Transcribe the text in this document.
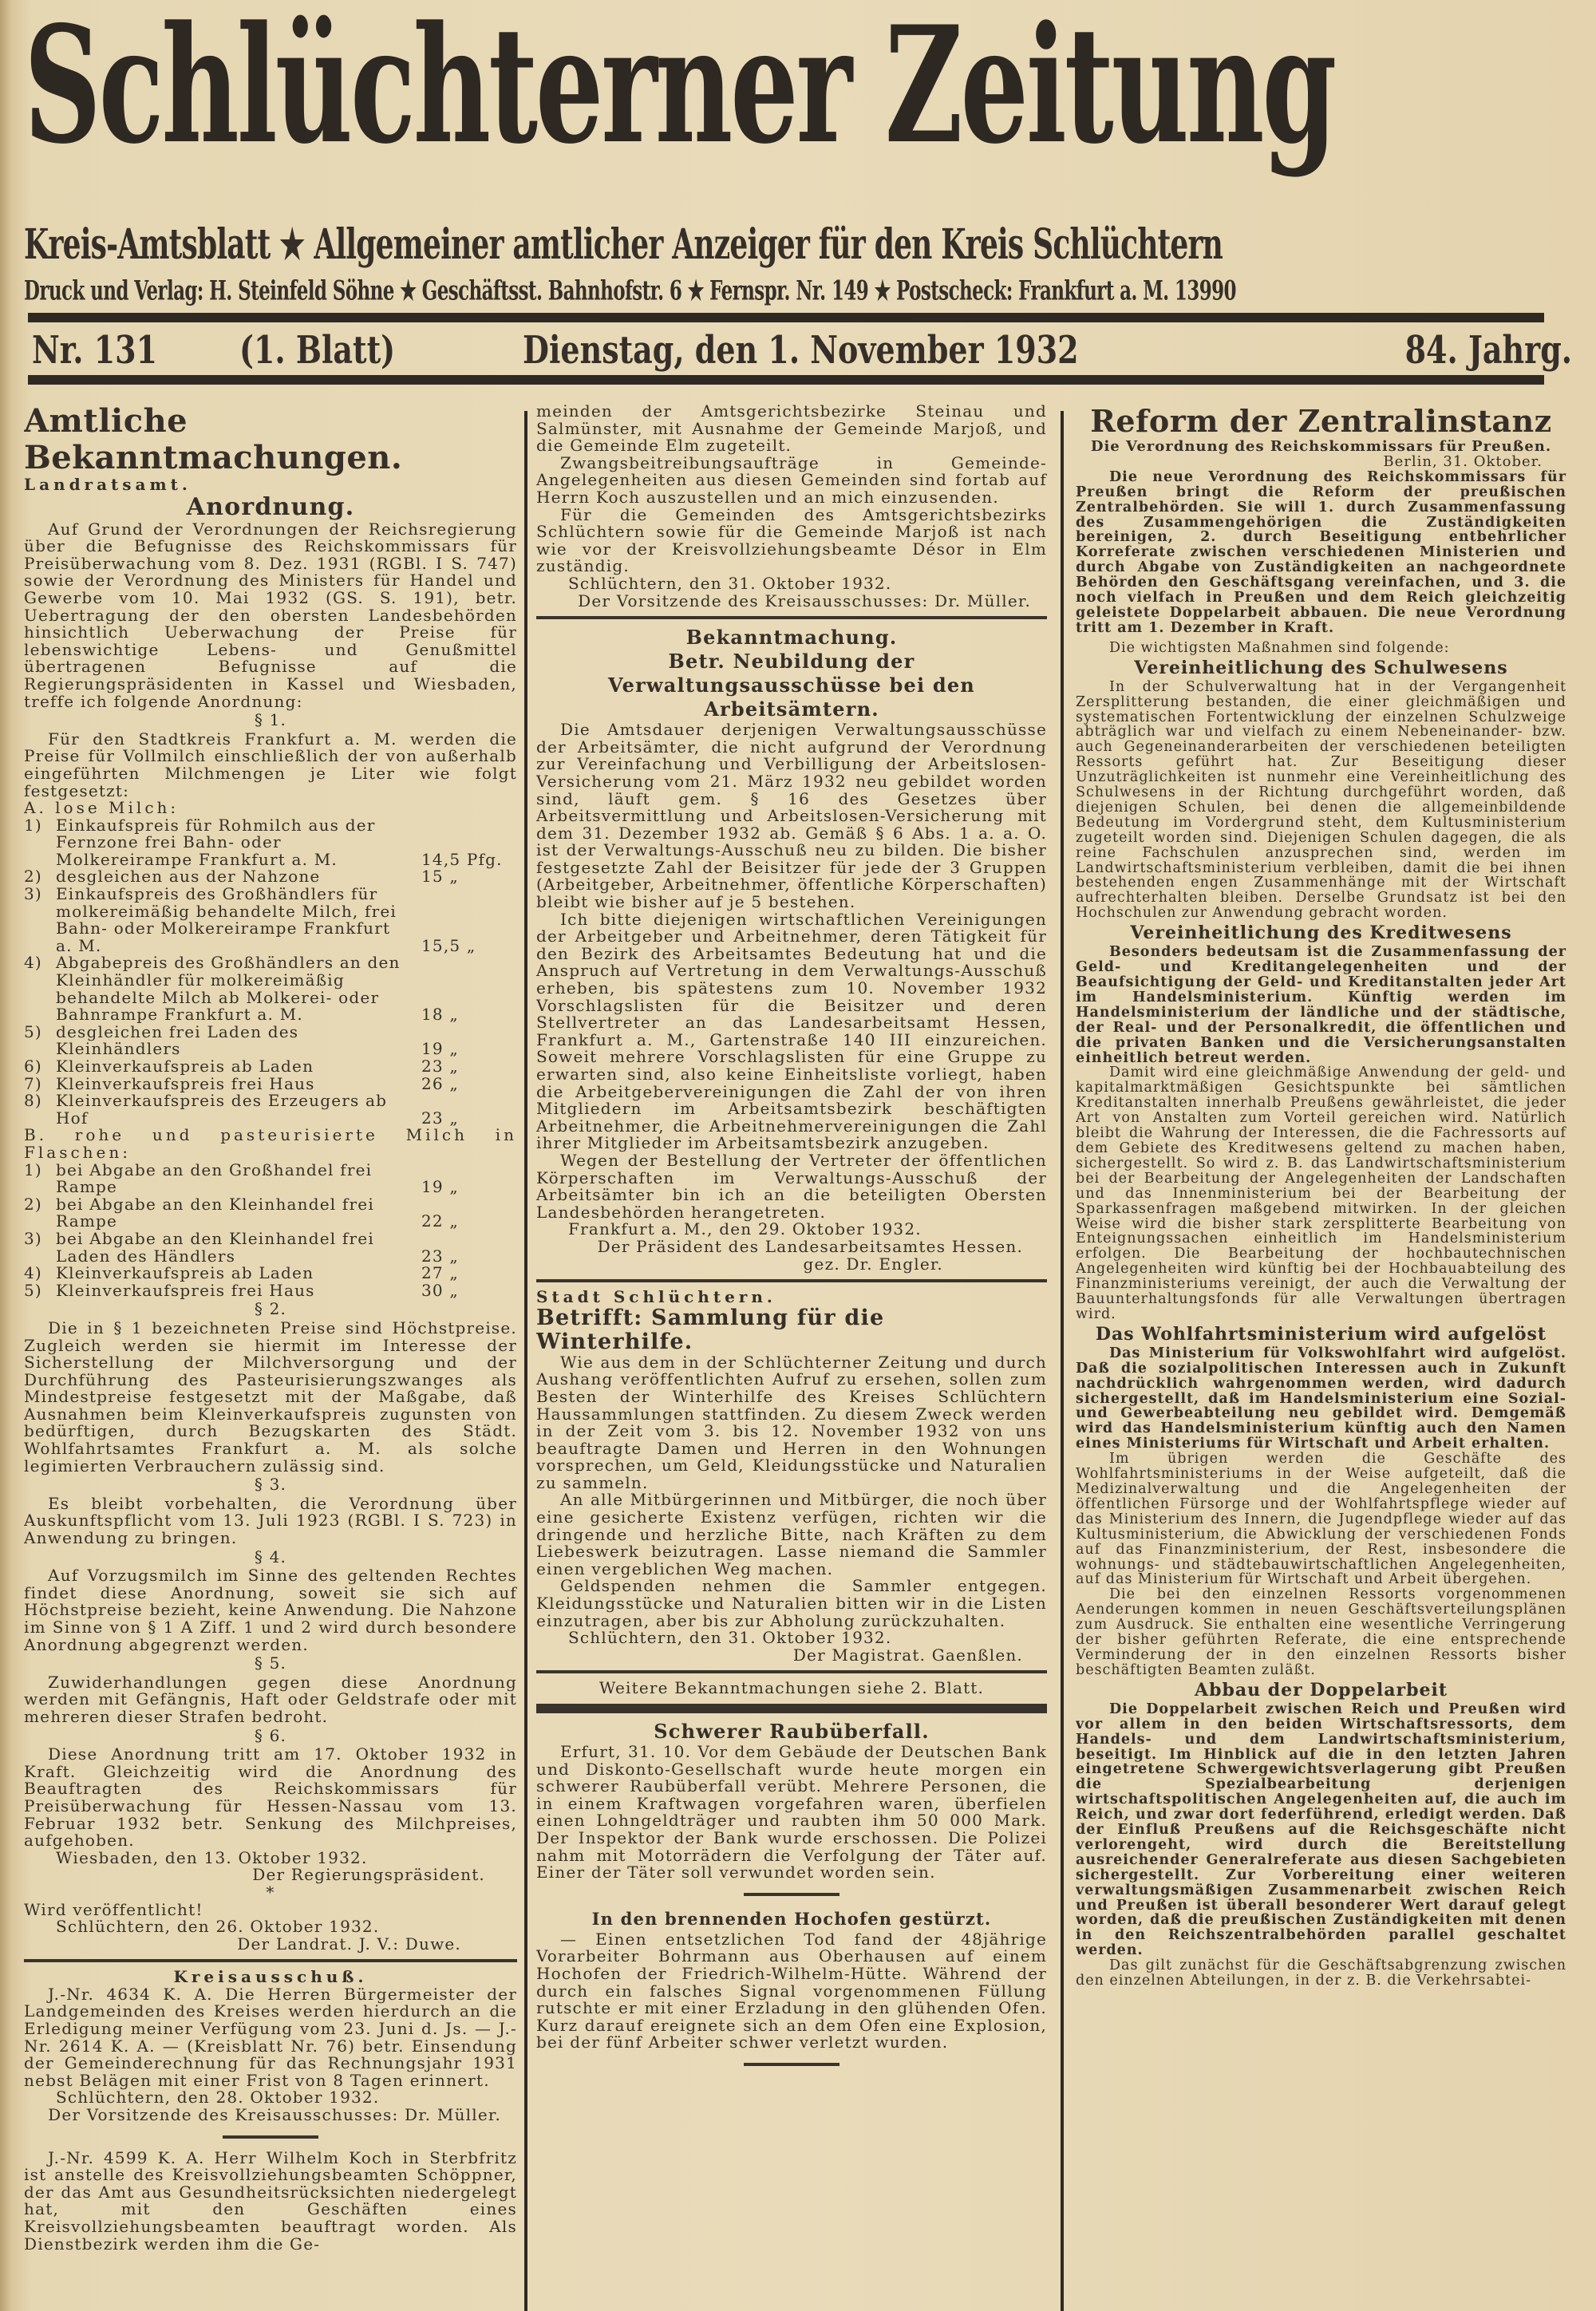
Schlüchterner Zeitung
Kreis-Amtsblatt ★ Allgemeiner amtlicher Anzeiger für den Kreis Schlüchtern
Druck und Verlag: H. Steinfeld Söhne ★ Geschäftsst. Bahnhofstr. 6 ★ Fernspr. Nr. 149 ★ Postscheck: Frankfurt a. M. 13990
Nr. 131	(1. Blatt)	Dienstag, den 1. November 1932	84. Jahrg.
Amtliche Bekanntmachungen.
Landratsamt.
Anordnung.

Auf Grund der Verordnungen der Reichsregierung über die Befugnisse des Reichskommissars für Preisüberwachung vom 8. Dez. 1931 (RGBl. I S. 747) sowie der Verordnung des Ministers für Handel und Gewerbe vom 10. Mai 1932 (GS. S. 191), betr. Uebertragung der den obersten Landesbehörden hinsichtlich Ueberwachung der Preise für lebenswichtige Lebens- und Genußmittel übertragenen Befugnisse auf die Regierungspräsidenten in Kassel und Wiesbaden, treffe ich folgende Anordnung:

§ 1.

Für den Stadtkreis Frankfurt a. M. werden die Preise für Vollmilch einschließlich der von außerhalb eingeführten Milchmengen je Liter wie folgt festgesetzt:

A. lose Milch:
1) Einkaufspreis für Rohmilch aus der Fernzone frei Bahn- oder Molkereirampe Frankfurt a. M.	14,5 Pfg.
2) desgleichen aus der Nahzone	15 „
3) Einkaufspreis des Großhändlers für molkereimäßig behandelte Milch, frei Bahn- oder Molkereirampe Frankfurt a. M.	15,5 „
4) Abgabepreis des Großhändlers an den Kleinhändler für molkereimäßig behandelte Milch ab Molkerei- oder Bahnrampe Frankfurt a. M.	18 „
5) desgleichen frei Laden des Kleinhändlers	19 „
6) Kleinverkaufspreis ab Laden	23 „
7) Kleinverkaufspreis frei Haus	26 „
8) Kleinverkaufspreis des Erzeugers ab Hof	23 „
B. rohe und pasteurisierte Milch in Flaschen:
1) bei Abgabe an den Großhandel frei Rampe	19 „
2) bei Abgabe an den Kleinhandel frei Rampe	22 „
3) bei Abgabe an den Kleinhandel frei Laden des Händlers	23 „
4) Kleinverkaufspreis ab Laden	27 „
5) Kleinverkaufspreis frei Haus	30 „
§ 2.

Die in § 1 bezeichneten Preise sind Höchstpreise. Zugleich werden sie hiermit im Interesse der Sicherstellung der Milchversorgung und der Durchführung des Pasteurisierungszwanges als Mindestpreise festgesetzt mit der Maßgabe, daß Ausnahmen beim Kleinverkaufspreis zugunsten von bedürftigen, durch Bezugskarten des Städt. Wohlfahrtsamtes Frankfurt a. M. als solche legimierten Verbrauchern zulässig sind.

§ 3.

Es bleibt vorbehalten, die Verordnung über Auskunftspflicht vom 13. Juli 1923 (RGBl. I S. 723) in Anwendung zu bringen.

§ 4.

Auf Vorzugsmilch im Sinne des geltenden Rechtes findet diese Anordnung, soweit sie sich auf Höchstpreise bezieht, keine Anwendung. Die Nahzone im Sinne von § 1 A Ziff. 1 und 2 wird durch besondere Anordnung abgegrenzt werden.

§ 5.

Zuwiderhandlungen gegen diese Anordnung werden mit Gefängnis, Haft oder Geldstrafe oder mit mehreren dieser Strafen bedroht.

§ 6.

Diese Anordnung tritt am 17. Oktober 1932 in Kraft. Gleichzeitig wird die Anordnung des Beauftragten des Reichskommissars für Preisüberwachung für Hessen-Nassau vom 13. Februar 1932 betr. Senkung des Milchpreises, aufgehoben.

Wiesbaden, den 13. Oktober 1932.
Der Regierungspräsident.
*
Wird veröffentlicht!
Schlüchtern, den 26. Oktober 1932.
Der Landrat. J. V.: Duwe.
Kreisausschuß.

J.-Nr. 4634 K. A. Die Herren Bürgermeister der Landgemeinden des Kreises werden hierdurch an die Erledigung meiner Verfügung vom 23. Juni d. Js. — J.-Nr. 2614 K. A. — (Kreisblatt Nr. 76) betr. Einsendung der Gemeinderechnung für das Rechnungsjahr 1931 nebst Belägen mit einer Frist von 8 Tagen erinnert.

Schlüchtern, den 28. Oktober 1932.
Der Vorsitzende des Kreisausschusses: Dr. Müller.

J.-Nr. 4599 K. A. Herr Wilhelm Koch in Sterbfritz ist anstelle des Kreisvollziehungsbeamten Schöppner, der das Amt aus Gesundheitsrücksichten niedergelegt hat, mit den Geschäften eines Kreisvollziehungsbeamten beauftragt worden. Als Dienstbezirk werden ihm die Ge-

meinden der Amtsgerichtsbezirke Steinau und Salmünster, mit Ausnahme der Gemeinde Marjoß, und die Gemeinde Elm zugeteilt.

Zwangsbeitreibungsaufträge in Gemeinde-Angelegenheiten aus diesen Gemeinden sind fortab auf Herrn Koch auszustellen und an mich einzusenden.

Für die Gemeinden des Amtsgerichtsbezirks Schlüchtern sowie für die Gemeinde Marjoß ist nach wie vor der Kreisvollziehungsbeamte Désor in Elm zuständig.

Schlüchtern, den 31. Oktober 1932.
Der Vorsitzende des Kreisausschusses: Dr. Müller.
Bekanntmachung.
Betr. Neubildung der Verwaltungsausschüsse bei den Arbeitsämtern.

Die Amtsdauer derjenigen Verwaltungsausschüsse der Arbeitsämter, die nicht aufgrund der Verordnung zur Vereinfachung und Verbilligung der Arbeitslosen-Versicherung vom 21. März 1932 neu gebildet worden sind, läuft gem. § 16 des Gesetzes über Arbeitsvermittlung und Arbeitslosen-Versicherung mit dem 31. Dezember 1932 ab. Gemäß § 6 Abs. 1 a. a. O. ist der Verwaltungs-Ausschuß neu zu bilden. Die bisher festgesetzte Zahl der Beisitzer für jede der 3 Gruppen (Arbeitgeber, Arbeitnehmer, öffentliche Körperschaften) bleibt wie bisher auf je 5 bestehen.

Ich bitte diejenigen wirtschaftlichen Vereinigungen der Arbeitgeber und Arbeitnehmer, deren Tätigkeit für den Bezirk des Arbeitsamtes Bedeutung hat und die Anspruch auf Vertretung in dem Verwaltungs-Ausschuß erheben, bis spätestens zum 10. November 1932 Vorschlagslisten für die Beisitzer und deren Stellvertreter an das Landesarbeitsamt Hessen, Frankfurt a. M., Gartenstraße 140 III einzureichen. Soweit mehrere Vorschlagslisten für eine Gruppe zu erwarten sind, also keine Einheitsliste vorliegt, haben die Arbeitgebervereinigungen die Zahl der von ihren Mitgliedern im Arbeitsamtsbezirk beschäftigten Arbeitnehmer, die Arbeitnehmervereinigungen die Zahl ihrer Mitglieder im Arbeitsamtsbezirk anzugeben.

Wegen der Bestellung der Vertreter der öffentlichen Körperschaften im Verwaltungs-Ausschuß der Arbeitsämter bin ich an die beteiligten Obersten Landesbehörden herangetreten.

Frankfurt a. M., den 29. Oktober 1932.
Der Präsident des Landesarbeitsamtes Hessen.
gez. Dr. Engler.
Stadt Schlüchtern.
Betrifft: Sammlung für die Winterhilfe.

Wie aus dem in der Schlüchterner Zeitung und durch Aushang veröffentlichten Aufruf zu ersehen, sollen zum Besten der Winterhilfe des Kreises Schlüchtern Haussammlungen stattfinden. Zu diesem Zweck werden in der Zeit vom 3. bis 12. November 1932 von uns beauftragte Damen und Herren in den Wohnungen vorsprechen, um Geld, Kleidungsstücke und Naturalien zu sammeln.

An alle Mitbürgerinnen und Mitbürger, die noch über eine gesicherte Existenz verfügen, richten wir die dringende und herzliche Bitte, nach Kräften zu dem Liebeswerk beizutragen. Lasse niemand die Sammler einen vergeblichen Weg machen.

Geldspenden nehmen die Sammler entgegen. Kleidungsstücke und Naturalien bitten wir in die Listen einzutragen, aber bis zur Abholung zurückzuhalten.

Schlüchtern, den 31. Oktober 1932.
Der Magistrat. Gaenßlen.
Weitere Bekanntmachungen siehe 2. Blatt.
Schwerer Raubüberfall.

Erfurt, 31. 10. Vor dem Gebäude der Deutschen Bank und Diskonto-Gesellschaft wurde heute morgen ein schwerer Raubüberfall verübt. Mehrere Personen, die in einem Kraftwagen vorgefahren waren, überfielen einen Lohngeldträger und raubten ihm 50 000 Mark. Der Inspektor der Bank wurde erschossen. Die Polizei nahm mit Motorrädern die Verfolgung der Täter auf. Einer der Täter soll verwundet worden sein.

In den brennenden Hochofen gestürzt.

— Einen entsetzlichen Tod fand der 48jährige Vorarbeiter Bohrmann aus Oberhausen auf einem Hochofen der Friedrich-Wilhelm-Hütte. Während der durch ein falsches Signal vorgenommenen Füllung rutschte er mit einer Erzladung in den glühenden Ofen. Kurz darauf ereignete sich an dem Ofen eine Explosion, bei der fünf Arbeiter schwer verletzt wurden.

Reform der Zentralinstanz
Die Verordnung des Reichskommissars für Preußen.
Berlin, 31. Oktober.

Die neue Verordnung des Reichskommissars für Preußen bringt die Reform der preußischen Zentralbehörden. Sie will 1. durch Zusammenfassung des Zusammengehörigen die Zuständigkeiten bereinigen, 2. durch Beseitigung entbehrlicher Korreferate zwischen verschiedenen Ministerien und durch Abgabe von Zuständigkeiten an nachgeordnete Behörden den Geschäftsgang vereinfachen, und 3. die noch vielfach in Preußen und dem Reich gleichzeitig geleistete Doppelarbeit abbauen. Die neue Verordnung tritt am 1. Dezember in Kraft.

Die wichtigsten Maßnahmen sind folgende:

Vereinheitlichung des Schulwesens

In der Schulverwaltung hat in der Vergangenheit Zersplitterung bestanden, die einer gleichmäßigen und systematischen Fortentwicklung der einzelnen Schulzweige abträglich war und vielfach zu einem Nebeneinander- bzw. auch Gegeneinanderarbeiten der verschiedenen beteiligten Ressorts geführt hat. Zur Beseitigung dieser Unzuträglichkeiten ist nunmehr eine Vereinheitlichung des Schulwesens in der Richtung durchgeführt worden, daß diejenigen Schulen, bei denen die allgemeinbildende Bedeutung im Vordergrund steht, dem Kultusministerium zugeteilt worden sind. Diejenigen Schulen dagegen, die als reine Fachschulen anzusprechen sind, werden im Landwirtschaftsministerium verbleiben, damit die bei ihnen bestehenden engen Zusammenhänge mit der Wirtschaft aufrechterhalten bleiben. Derselbe Grundsatz ist bei den Hochschulen zur Anwendung gebracht worden.

Vereinheitlichung des Kreditwesens

Besonders bedeutsam ist die Zusammenfassung der Geld- und Kreditangelegenheiten und der Beaufsichtigung der Geld- und Kreditanstalten jeder Art im Handelsministerium. Künftig werden im Handelsministerium der ländliche und der städtische, der Real- und der Personalkredit, die öffentlichen und die privaten Banken und die Versicherungsanstalten einheitlich betreut werden.

Damit wird eine gleichmäßige Anwendung der geld- und kapitalmarktmäßigen Gesichtspunkte bei sämtlichen Kreditanstalten innerhalb Preußens gewährleistet, die jeder Art von Anstalten zum Vorteil gereichen wird. Natürlich bleibt die Wahrung der Interessen, die die Fachressorts auf dem Gebiete des Kreditwesens geltend zu machen haben, sichergestellt. So wird z. B. das Landwirtschaftsministerium bei der Bearbeitung der Angelegenheiten der Landschaften und das Innenministerium bei der Bearbeitung der Sparkassenfragen maßgebend mitwirken. In der gleichen Weise wird die bisher stark zersplitterte Bearbeitung von Enteignungssachen einheitlich im Handelsministerium erfolgen. Die Bearbeitung der hochbautechnischen Angelegenheiten wird künftig bei der Hochbauabteilung des Finanzministeriums vereinigt, der auch die Verwaltung der Bauunterhaltungsfonds für alle Verwaltungen übertragen wird.

Das Wohlfahrtsministerium wird aufgelöst

Das Ministerium für Volkswohlfahrt wird aufgelöst. Daß die sozialpolitischen Interessen auch in Zukunft nachdrücklich wahrgenommen werden, wird dadurch sichergestellt, daß im Handelsministerium eine Sozial- und Gewerbeabteilung neu gebildet wird. Demgemäß wird das Handelsministerium künftig auch den Namen eines Ministeriums für Wirtschaft und Arbeit erhalten.

Im übrigen werden die Geschäfte des Wohlfahrtsministeriums in der Weise aufgeteilt, daß die Medizinalverwaltung und die Angelegenheiten der öffentlichen Fürsorge und der Wohlfahrtspflege wieder auf das Ministerium des Innern, die Jugendpflege wieder auf das Kultusministerium, die Abwicklung der verschiedenen Fonds auf das Finanzministerium, der Rest, insbesondere die wohnungs- und städtebauwirtschaftlichen Angelegenheiten, auf das Ministerium für Wirtschaft und Arbeit übergehen.

Die bei den einzelnen Ressorts vorgenommenen Aenderungen kommen in neuen Geschäftsverteilungsplänen zum Ausdruck. Sie enthalten eine wesentliche Verringerung der bisher geführten Referate, die eine entsprechende Verminderung der in den einzelnen Ressorts bisher beschäftigten Beamten zuläßt.

Abbau der Doppelarbeit

Die Doppelarbeit zwischen Reich und Preußen wird vor allem in den beiden Wirtschaftsressorts, dem Handels- und dem Landwirtschaftsministerium, beseitigt. Im Hinblick auf die in den letzten Jahren eingetretene Schwergewichtsverlagerung gibt Preußen die Spezialbearbeitung derjenigen wirtschaftspolitischen Angelegenheiten auf, die auch im Reich, und zwar dort federführend, erledigt werden. Daß der Einfluß Preußens auf die Reichsgeschäfte nicht verlorengeht, wird durch die Bereitstellung ausreichender Generalreferate aus diesen Sachgebieten sichergestellt. Zur Vorbereitung einer weiteren verwaltungsmäßigen Zusammenarbeit zwischen Reich und Preußen ist überall besonderer Wert darauf gelegt worden, daß die preußischen Zuständigkeiten mit denen in den Reichszentralbehörden parallel geschaltet werden.

Das gilt zunächst für die Geschäftsabgrenzung zwischen den einzelnen Abteilungen, in der z. B. die Verkehrsabtei-
